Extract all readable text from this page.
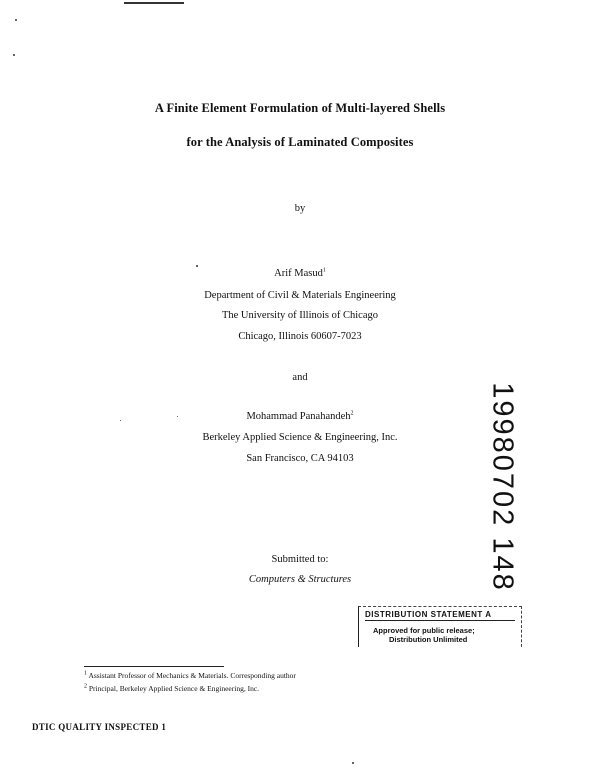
A Finite Element Formulation of Multi-layered Shells
for the Analysis of Laminated Composites
by
Arif Masud$^1$
Department of Civil & Materials Engineering
The University of Illinois of Chicago
Chicago, Illinois 60607-7023
and
Mohammad Panahandeh$^2$
Berkeley Applied Science & Engineering, Inc.
San Francisco, CA 94103	19980702 148
Submitted to:
Computers & Structures
DISTRIBUTION STATEMENT A
Approved for public release;
Distribution Unlimited
$^1$ Assistant Professor of Mechanics & Materials. Corresponding author
$^2$ Principal, Berkeley Applied Science & Engineering, Inc.
DTIC QUALITY INSPECTED 1
